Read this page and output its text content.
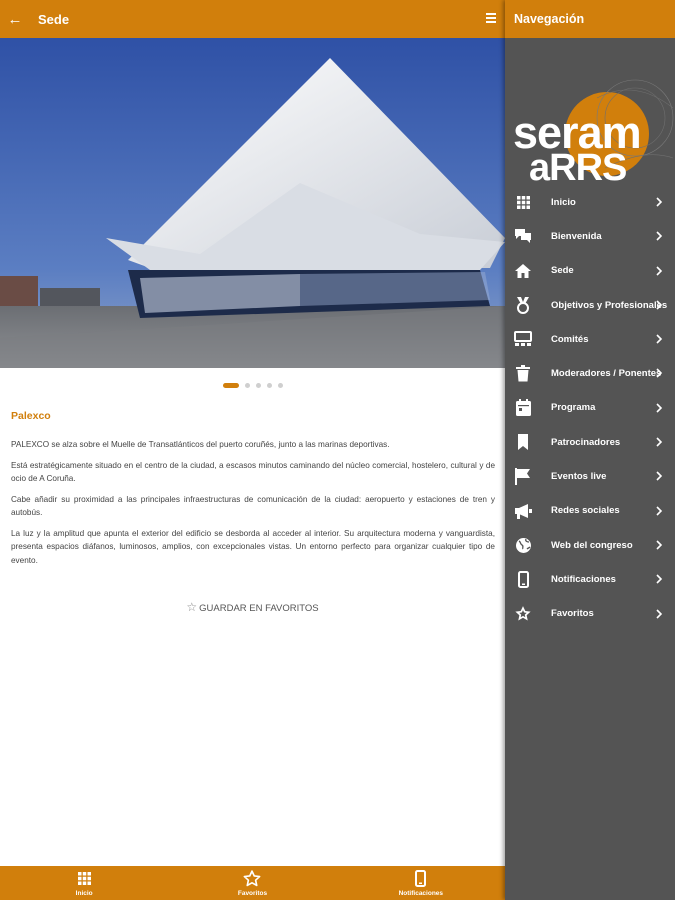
← Sede
Palexco

PALEXCO se alza sobre el Muelle de Transatlánticos del puerto coruñés, junto a las marinas deportivas.

Está estratégicamente situado en el centro de la ciudad, a escasos minutos caminando del núcleo comercial, hostelero, cultural y de ocio de A Coruña.

Cabe añadir su proximidad a las principales infraestructuras de comunicación de la ciudad: aeropuerto y estaciones de tren y autobús.

La luz y la amplitud que apunta el exterior del edificio se desborda al acceder al interior. Su arquitectura moderna y vanguardista, presenta espacios diáfanos, luminosos, amplios, con excepcionales vistas. Un entorno perfecto para organizar cualquier tipo de evento.

☆ GUARDAR EN FAVORITOS
Inicio	Favoritos	Notificaciones
Navegación
seram
aRRS
Inicio
Bienvenida
Sede
Objetivos y Profesionales
Comités
Moderadores / Ponentes
Programa
Patrocinadores
Eventos live
Redes sociales
Web del congreso
Notificaciones
Favoritos
